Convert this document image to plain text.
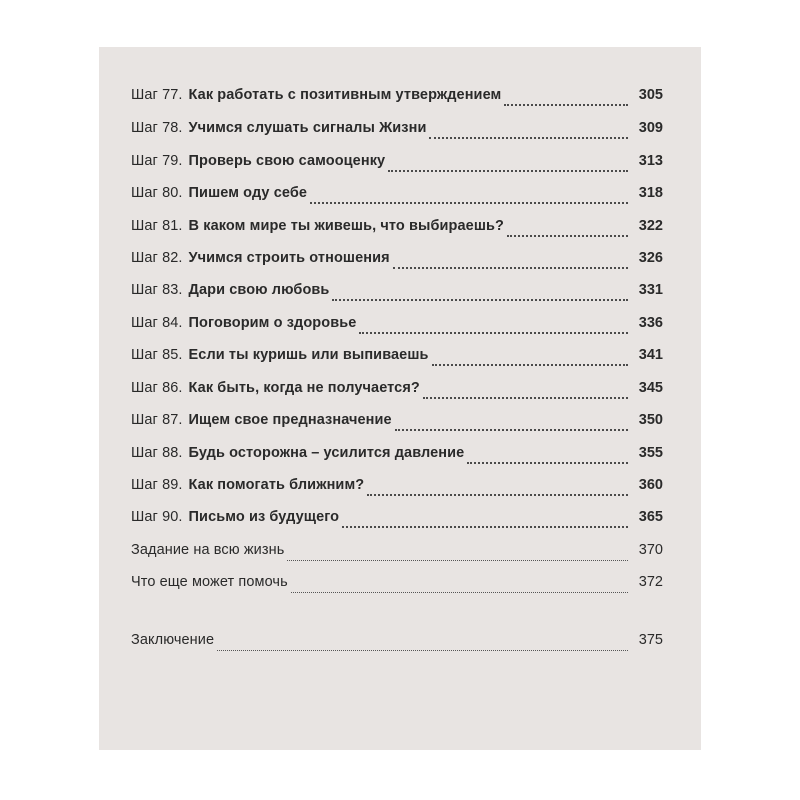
Шаг 77. Как работать с позитивным утверждением	305
Шаг 78. Учимся слушать сигналы Жизни	309
Шаг 79. Проверь свою самооценку	313
Шаг 80. Пишем оду себе	318
Шаг 81. В каком мире ты живешь, что выбираешь?	322
Шаг 82. Учимся строить отношения	326
Шаг 83. Дари свою любовь	331
Шаг 84. Поговорим о здоровье	336
Шаг 85. Если ты куришь или выпиваешь	341
Шаг 86. Как быть, когда не получается?	345
Шаг 87. Ищем свое предназначение	350
Шаг 88. Будь осторожна – усилится давление	355
Шаг 89. Как помогать ближним?	360
Шаг 90. Письмо из будущего	365
Задание на всю жизнь	370
Что еще может помочь	372
Заключение	375
